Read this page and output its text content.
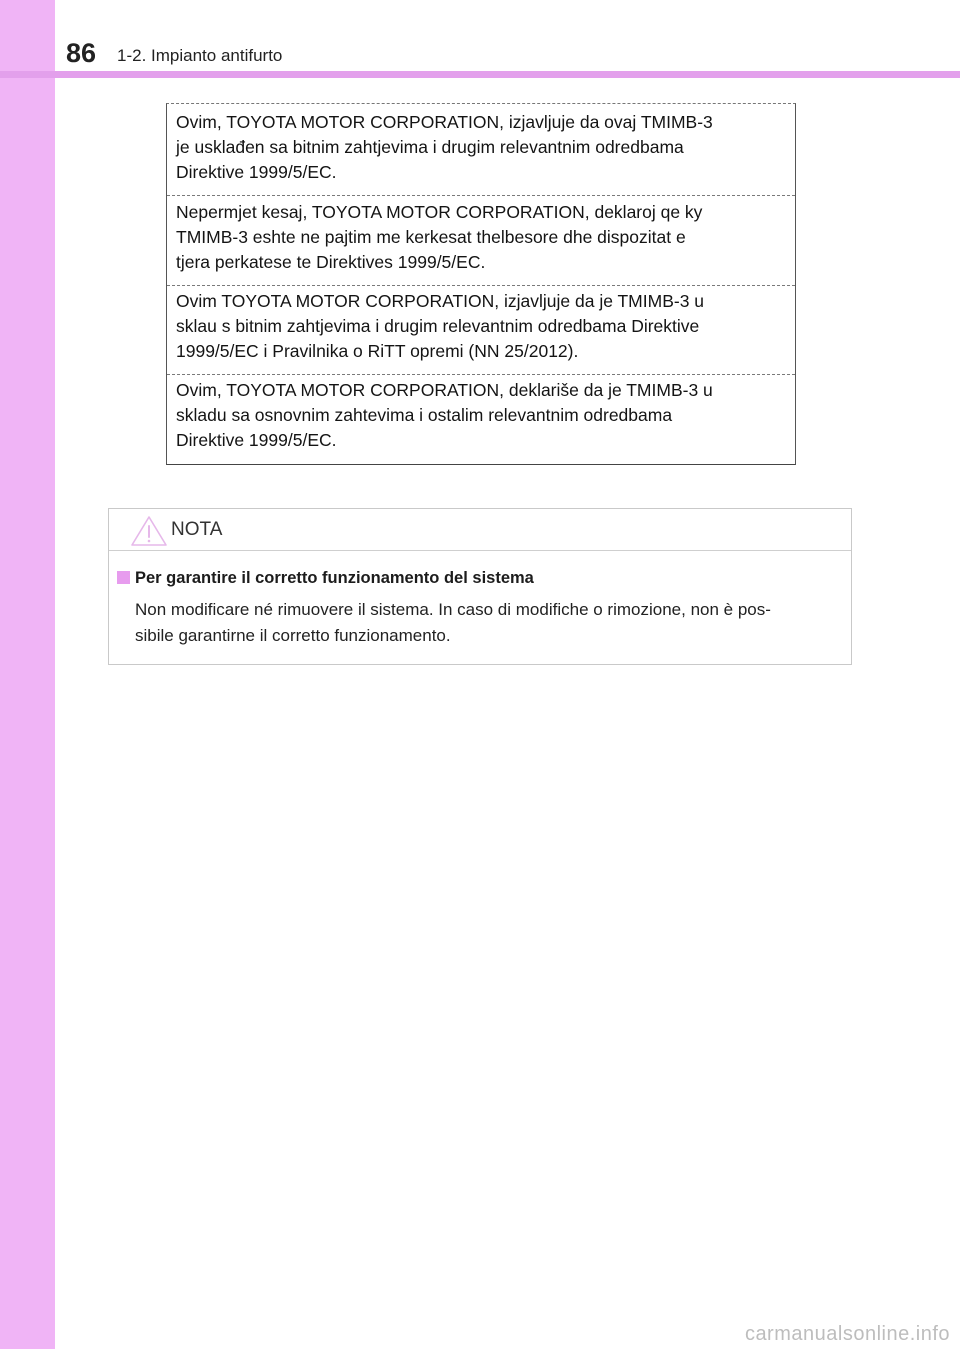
86 1-2. Impianto antifurto
Ovim, TOYOTA MOTOR CORPORATION, izjavljuje da ovaj TMIMB-3
je usklađen sa bitnim zahtjevima i drugim relevantnim odredbama
Direktive 1999/5/EC.
Nepermjet kesaj, TOYOTA MOTOR CORPORATION, deklaroj qe ky
TMIMB-3 eshte ne pajtim me kerkesat thelbesore dhe dispozitat e
tjera perkatese te Direktives 1999/5/EC.
Ovim TOYOTA MOTOR CORPORATION, izjavljuje da je TMIMB-3 u
sklau s bitnim zahtjevima i drugim relevantnim odredbama Direktive
1999/5/EC i Pravilnika o RiTT opremi (NN 25/2012).
Ovim, TOYOTA MOTOR CORPORATION, deklariše da je TMIMB-3 u
skladu sa osnovnim zahtevima i ostalim relevantnim odredbama
Direktive 1999/5/EC.
NOTA
Per garantire il corretto funzionamento del sistema
Non modificare né rimuovere il sistema. In caso di modifiche o rimozione, non è pos-
sibile garantirne il corretto funzionamento.
carmanualsonline.info
